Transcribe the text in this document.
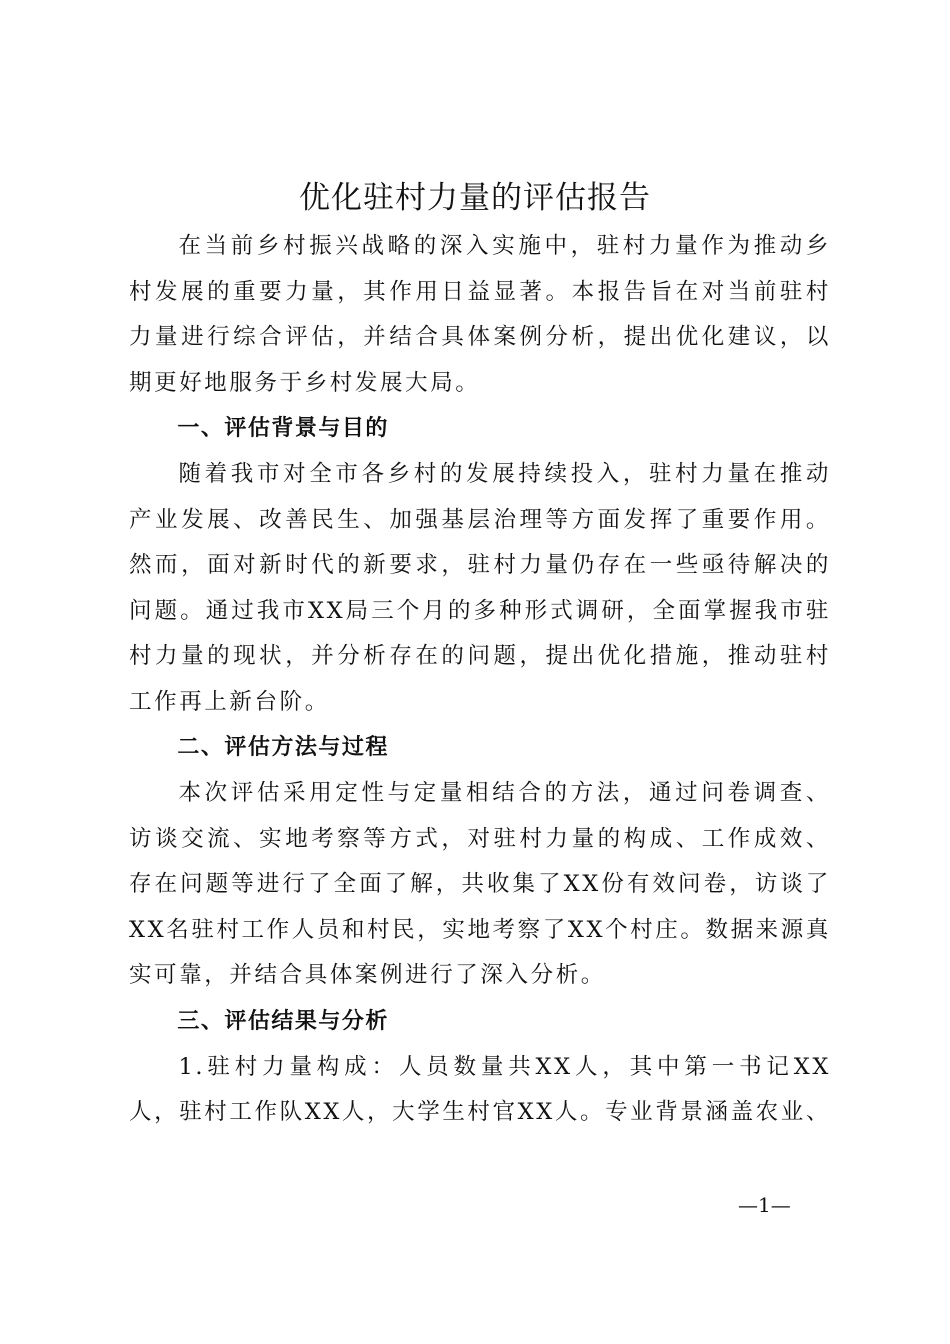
优化驻村力量的评估报告

在当前乡村振兴战略的深入实施中，驻村力量作为推动乡村发展的重要力量，其作用日益显著。本报告旨在对当前驻村力量进行综合评估，并结合具体案例分析，提出优化建议，以期更好地服务于乡村发展大局。

一、评估背景与目的

随着我市对全市各乡村的发展持续投入，驻村力量在推动产业发展、改善民生、加强基层治理等方面发挥了重要作用。然而，面对新时代的新要求，驻村力量仍存在一些亟待解决的问题。通过我市XX局三个月的多种形式调研，全面掌握我市驻村力量的现状，并分析存在的问题，提出优化措施，推动驻村工作再上新台阶。

二、评估方法与过程

本次评估采用定性与定量相结合的方法，通过问卷调查、访谈交流、实地考察等方式，对驻村力量的构成、工作成效、存在问题等进行了全面了解，共收集了XX份有效问卷，访谈了XX名驻村工作人员和村民，实地考察了XX个村庄。数据来源真实可靠，并结合具体案例进行了深入分析。

三、评估结果与分析

1.驻村力量构成：人员数量共XX人，其中第一书记XX人，驻村工作队XX人，大学生村官XX人。专业背景涵盖农业、

—1—
